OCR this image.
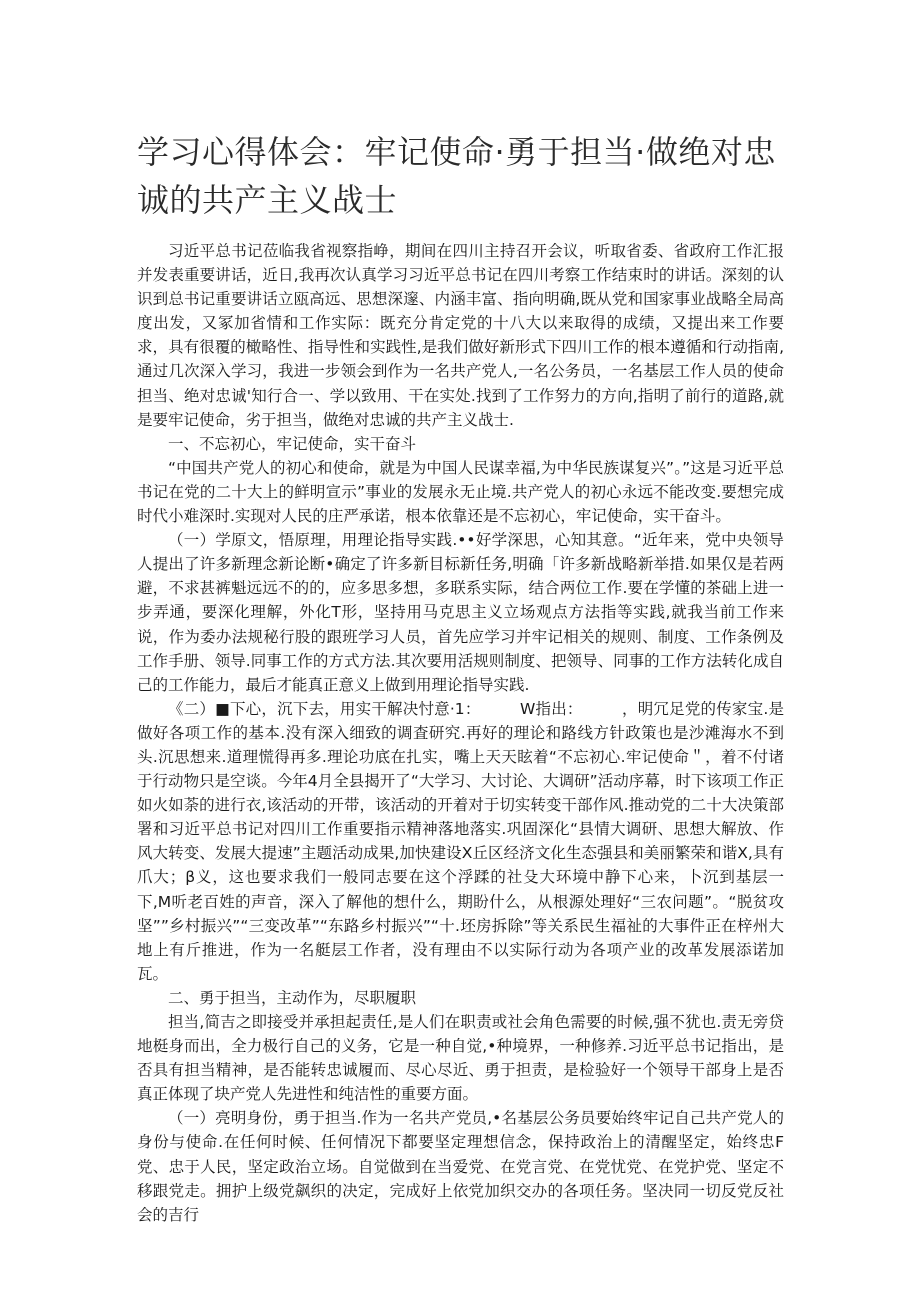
学习心得体会：牢记使命·勇于担当·做绝对忠诚的共产主义战士

习近平总书记莅临我省视察指峥，期间在四川主持召开会议，听取省委、省政府工作汇报并发表重要讲话，近日,我再次认真学习习近平总书记在四川考察工作结束时的讲话。深刻的认识到总书记重要讲话立瓯高远、思想深邃、内涵丰富、指向明确,既从党和国家事业战略全局高度出发，又冢加省情和工作实际：既充分肯定党的十八大以来取得的成绩，又提出来工作要求，具有很覆的橄略性、指导性和实践性,是我们做好新形式下四川工作的根本遵循和行动指南,通过几次深入学习，我进一步领会到作为一名共产党人,一名公务员，一名基层工作人员的使命担当、绝对忠诚'知行合一、学以致用、干在实处.找到了工作努力的方向,指明了前行的道路,就是要牢记使命，劣于担当，做绝对忠诚的共产主义战士.

一、不忘初心，牢记使命，实干奋斗

“中国共产党人的初心和使命，就是为中国人民谋幸福,为中华民族谋复兴”。”这是习近平总书记在党的二十大上的鲜明宣示”事业的发展永无止境.共产党人的初心永远不能改变.要想完成时代小难深时.实现对人民的庄严承诺，根本依靠还是不忘初心，牢记使命，实干奋斗。

（一）学原文，悟原理，用理论指导实践.••好学深思，心知其意。“近年来，党中央领导人提出了许多新理念新论断•确定了许多新目标新任务,明确「许多新战略新举措.如果仅是若两避，不求甚裤魁远远不的的，应多思多想，多联系实际，结合两位工作.要在学懂的茶础上进一步弄通，要深化理解，外化T形，坚持用马克思主义立场观点方法指等实践,就我当前工作来说，作为委办法规秘行股的跟班学习人员，首先应学习并牢记相关的规则、制度、工作条例及工作手册、领导.同事工作的方式方法.其次要用活规则制度、把领导、同事的工作方法转化成自己的工作能力，最后才能真正意义上做到用理论指导实践.

《二）■下心，沉下去，用实干解决忖意·1：　　　W指出：　　　，明冗足党的传家宝.是做好各项工作的基本.没有深入细致的调査研究.再好的理论和路线方针政策也是沙滩海水不到头.沉思想来.道理慌得再多.理论功底在扎实，嘴上天天眩着“不忘初心.牢记使命＂，着不付诸于行动物只是空谈。今年4月全县揭开了“大学习、大讨论、大调研”活动序幕，时下该项工作正如火如荼的进行衣,该活动的开带，该活动的开着对于切实转变干部作风.推动党的二十大决策部署和习近平总书记对四川工作重要指示精神落地落实.巩固深化“县情大调研、思想大解放、作风大转变、发展大提速”主题活动成果,加快建设X丘区经济文化生态强县和美丽繁荣和谐X,具有爪大；β义，这也要求我们一般同志要在这个浮蹂的社殳大环境中静下心来，卜沉到基层一下,M听老百姓的声音，深入了解他的想什么，期盼什么，从根源处理好“三农问题”。“脱贫攻坚””乡村振兴”“三变改革”“东路乡村振兴”“十.坯房拆除”等关系民生福祉的大事件正在梓州大地上有斤推进，作为一名艇层工作者，没有理由不以实际行动为各项产业的改革发展添诺加瓦。

二、勇于担当，主动作为，尽职履职

担当,简吉之即接受并承担起责任,是人们在职责或社会角色需要的时候,强不犹也.责无旁贷地梃身而出，全力极行自己的义务，它是一种自觉,•种境界，一种修养.习近平总书记指出，是否具有担当精神，是否能转忠诚履而、尽心尽近、勇于担责，是检验好一个领导干部身上是否真正体现了块产党人先进性和纯洁性的重要方面。

（一）亮明身份，勇于担当.作为一名共产党员,•名基层公务员要始终牢记自己共产党人的身份与使命.在任何时候、任何情况下都要坚定理想信念，保持政治上的清醒坚定，始终忠F党、忠于人民，坚定政治立场。自觉做到在当爱党、在党言党、在党忧党、在党护党、坚定不移跟党走。拥护上级党飙织的决定，完成好上依党加织交办的各项任务。坚决同一切反党反社会的吉行
